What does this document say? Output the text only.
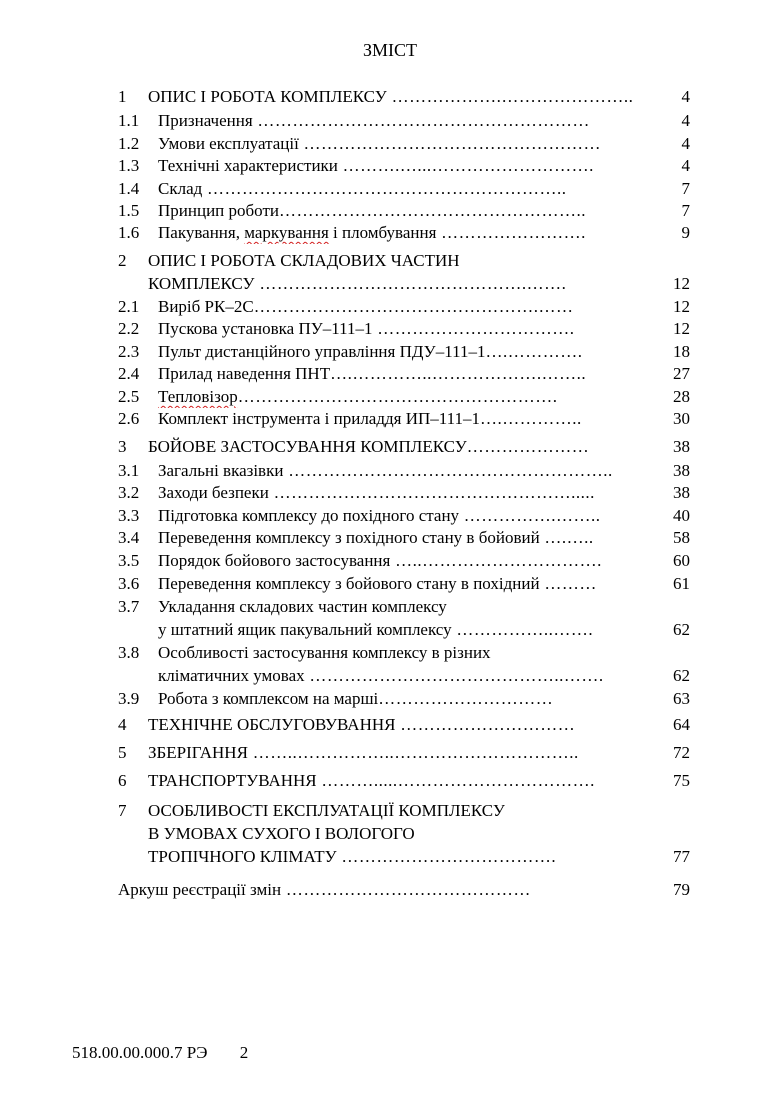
ЗМІСТ
1 ОПИС І РОБОТА КОМПЛЕКСУ ……………….…………………..	4
1.1 Призначення …………………………………………………	4
1.2 Умови експлуатації ……………………………………………	4
1.3 Технічні характеристики ……….…...……………………….	4
1.4 Склад ……………………………………………………..	7
1.5 Принцип роботи……………………………………………..	7
1.6 Пакування, маркування і пломбування …………………….	9
2 ОПИС І РОБОТА СКЛАДОВИХ ЧАСТИН
КОМПЛЕКСУ ……………………………………….…….	12
2.1 Виріб РК–2С………………………………………….……	12
2.2 Пускова установка ПУ–111–1 …………………………….	12
2.3 Пульт дистанційного управління ПДУ–111–1….………….	18
2.4 Прилад наведення ПНТ….…………..……………….……..	27
2.5 Тепловізор……………………………………………….	28
2.6 Комплект інструмента і приладдя ИП–111–1….…………..	30
3 БОЙОВЕ ЗАСТОСУВАННЯ КОМПЛЕКСУ…………………	38
3.1 Загальні вказівки ………………………………………………..	38
3.2 Заходи безпеки …………………………………………….....	38
3.3 Підготовка комплексу до похідного стану …………….……..	40
3.4 Переведення комплексу з похідного стану в бойовий ….…..	58
3.5 Порядок бойового застосування …..………………………….	60
3.6 Переведення комплексу з бойового стану в похідний ………	61
3.7 Укладання складових частин комплексу
у штатний ящик пакувальний комплексу ……………..…….	62
3.8 Особливості застосування комплексу в різних
кліматичних умовах ……………………………………..…….	62
3.9 Робота з комплексом на марші…………………………	63
4 ТЕХНІЧНЕ ОБСЛУГОВУВАННЯ …………………………	64
5 ЗБЕРІГАННЯ ……..……………..…………………………..	72
6 ТРАНСПОРТУВАННЯ ……….....…………………………….	75
7 ОСОБЛИВОСТІ ЕКСПЛУАТАЦІЇ КОМПЛЕКСУ
В УМОВАХ СУХОГО І ВОЛОГОГО
ТРОПІЧНОГО КЛІМАТУ ……………………………….	77
Аркуш реєстрації змін ……………………………………	79
518.00.00.000.7 РЭ 2
